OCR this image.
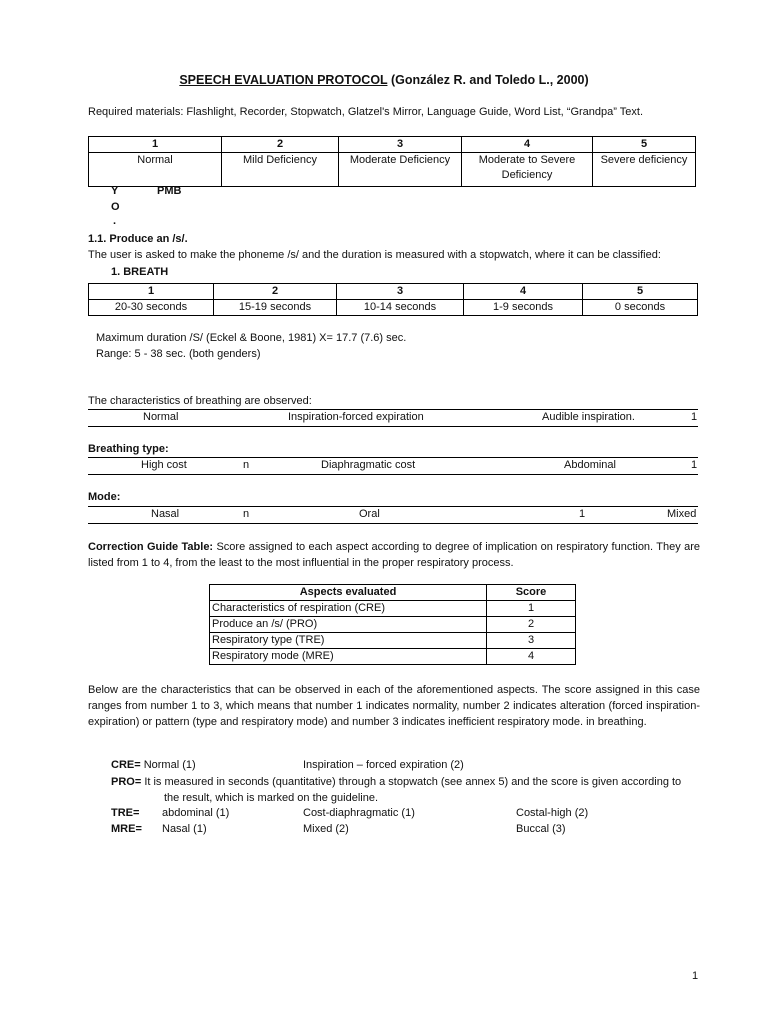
SPEECH EVALUATION PROTOCOL (González R. and Toledo L., 2000)
Required materials: Flashlight, Recorder, Stopwatch, Glatzel's Mirror, Language Guide, Word List, “Grandpa” Text.
1	2	3	4	5
Normal	Mild Deficiency	Moderate Deficiency	Moderate to Severe Deficiency	Severe deficiency
Y	PMB
O
.
1.1. Produce an /s/.
The user is asked to make the phoneme /s/ and the duration is measured with a stopwatch, where it can be classified:
1. BREATH
1	2	3	4	5
20-30 seconds	15-19 seconds	10-14 seconds	1-9 seconds	0 seconds
Maximum duration /S/ (Eckel & Boone, 1981) X= 17.7 (7.6) sec.
Range: 5 - 38 sec. (both genders)
The characteristics of breathing are observed:
Normal	Inspiration-forced expiration	Audible inspiration.	1
Breathing type:
High cost	n	Diaphragmatic cost	Abdominal	1
Mode:
Nasal	n	Oral	1	Mixed
Correction Guide Table: Score assigned to each aspect according to degree of implication on respiratory function. They are listed from 1 to 4, from the least to the most influential in the proper respiratory process.
Aspects evaluated	Score
Characteristics of respiration (CRE)	1
Produce an /s/ (PRO)	2
Respiratory type (TRE)	3
Respiratory mode (MRE)	4
Below are the characteristics that can be observed in each of the aforementioned aspects. The score assigned in this case ranges from number 1 to 3, which means that number 1 indicates normality, number 2 indicates alteration (forced inspiration-expiration) or pattern (type and respiratory mode) and number 3 indicates inefficient respiratory mode. in breathing.
CRE= Normal (1)	Inspiration – forced expiration (2)
PRO= It is measured in seconds (quantitative) through a stopwatch (see annex 5) and the score is given according to
the result, which is marked on the guideline.
TRE= abdominal (1)	Cost-diaphragmatic (1)	Costal-high (2)
MRE= Nasal (1)	Mixed (2)	Buccal (3)
1
